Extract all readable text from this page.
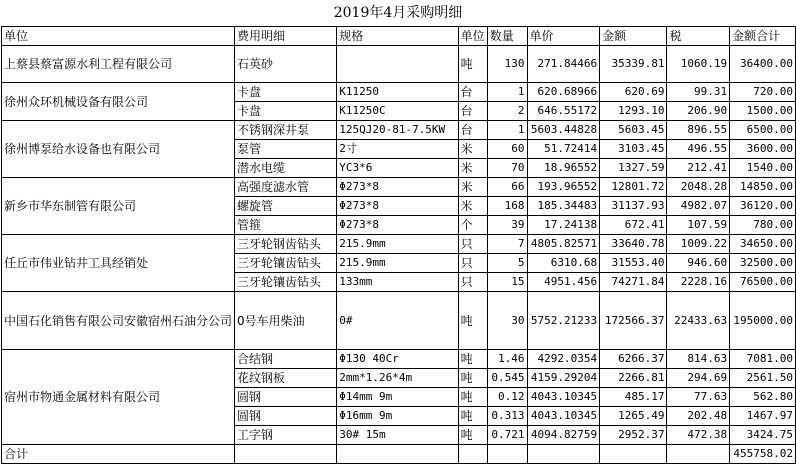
2019年4月采购明细
单位	费用明细	规格	单位	数量	单价	金额	税	金额合计
上蔡县蔡富源水利工程有限公司	石英砂		吨	130	271.84466	35339.81	1060.19	36400.00
徐州众环机械设备有限公司	卡盘	K11250	台	1	620.68966	620.69	99.31	720.00
	卡盘	K11250C	台	2	646.55172	1293.10	206.90	1500.00
徐州博泵给水设备也有限公司	不锈钢深井泵	125QJ20-81-7.5KW	台	1	5603.44828	5603.45	896.55	6500.00
	泵管	2寸	米	60	51.72414	3103.45	496.55	3600.00
	潜水电缆	YC3*6	米	70	18.96552	1327.59	212.41	1540.00
新乡市华东制管有限公司	高强度滤水管	Φ273*8	米	66	193.96552	12801.72	2048.28	14850.00
	螺旋管	Φ273*8	米	168	185.34483	31137.93	4982.07	36120.00
	管箍	Φ273*8	个	39	17.24138	672.41	107.59	780.00
任丘市伟业钻井工具经销处	三牙轮钢齿钻头	215.9mm	只	7	4805.82571	33640.78	1009.22	34650.00
	三牙轮镶齿钻头	215.9mm	只	5	6310.68	31553.40	946.60	32500.00
	三牙轮镶齿钻头	133mm	只	15	4951.456	74271.84	2228.16	76500.00
中国石化销售有限公司安徽宿州石油分公司	0号车用柴油	0#	吨	30	5752.21233	172566.37	22433.63	195000.00
宿州市物通金属材料有限公司	合结钢	Φ130 40Cr	吨	1.46	4292.0354	6266.37	814.63	7081.00
	花纹钢板	2mm*1.26*4m	吨	0.545	4159.29204	2266.81	294.69	2561.50
	圆钢	Φ14mm 9m	吨	0.12	4043.10345	485.17	77.63	562.80
	圆钢	Φ16mm 9m	吨	0.313	4043.10345	1265.49	202.48	1467.97
	工字钢	30# 15m	吨	0.721	4094.82759	2952.37	472.38	3424.75
合计								455758.02
